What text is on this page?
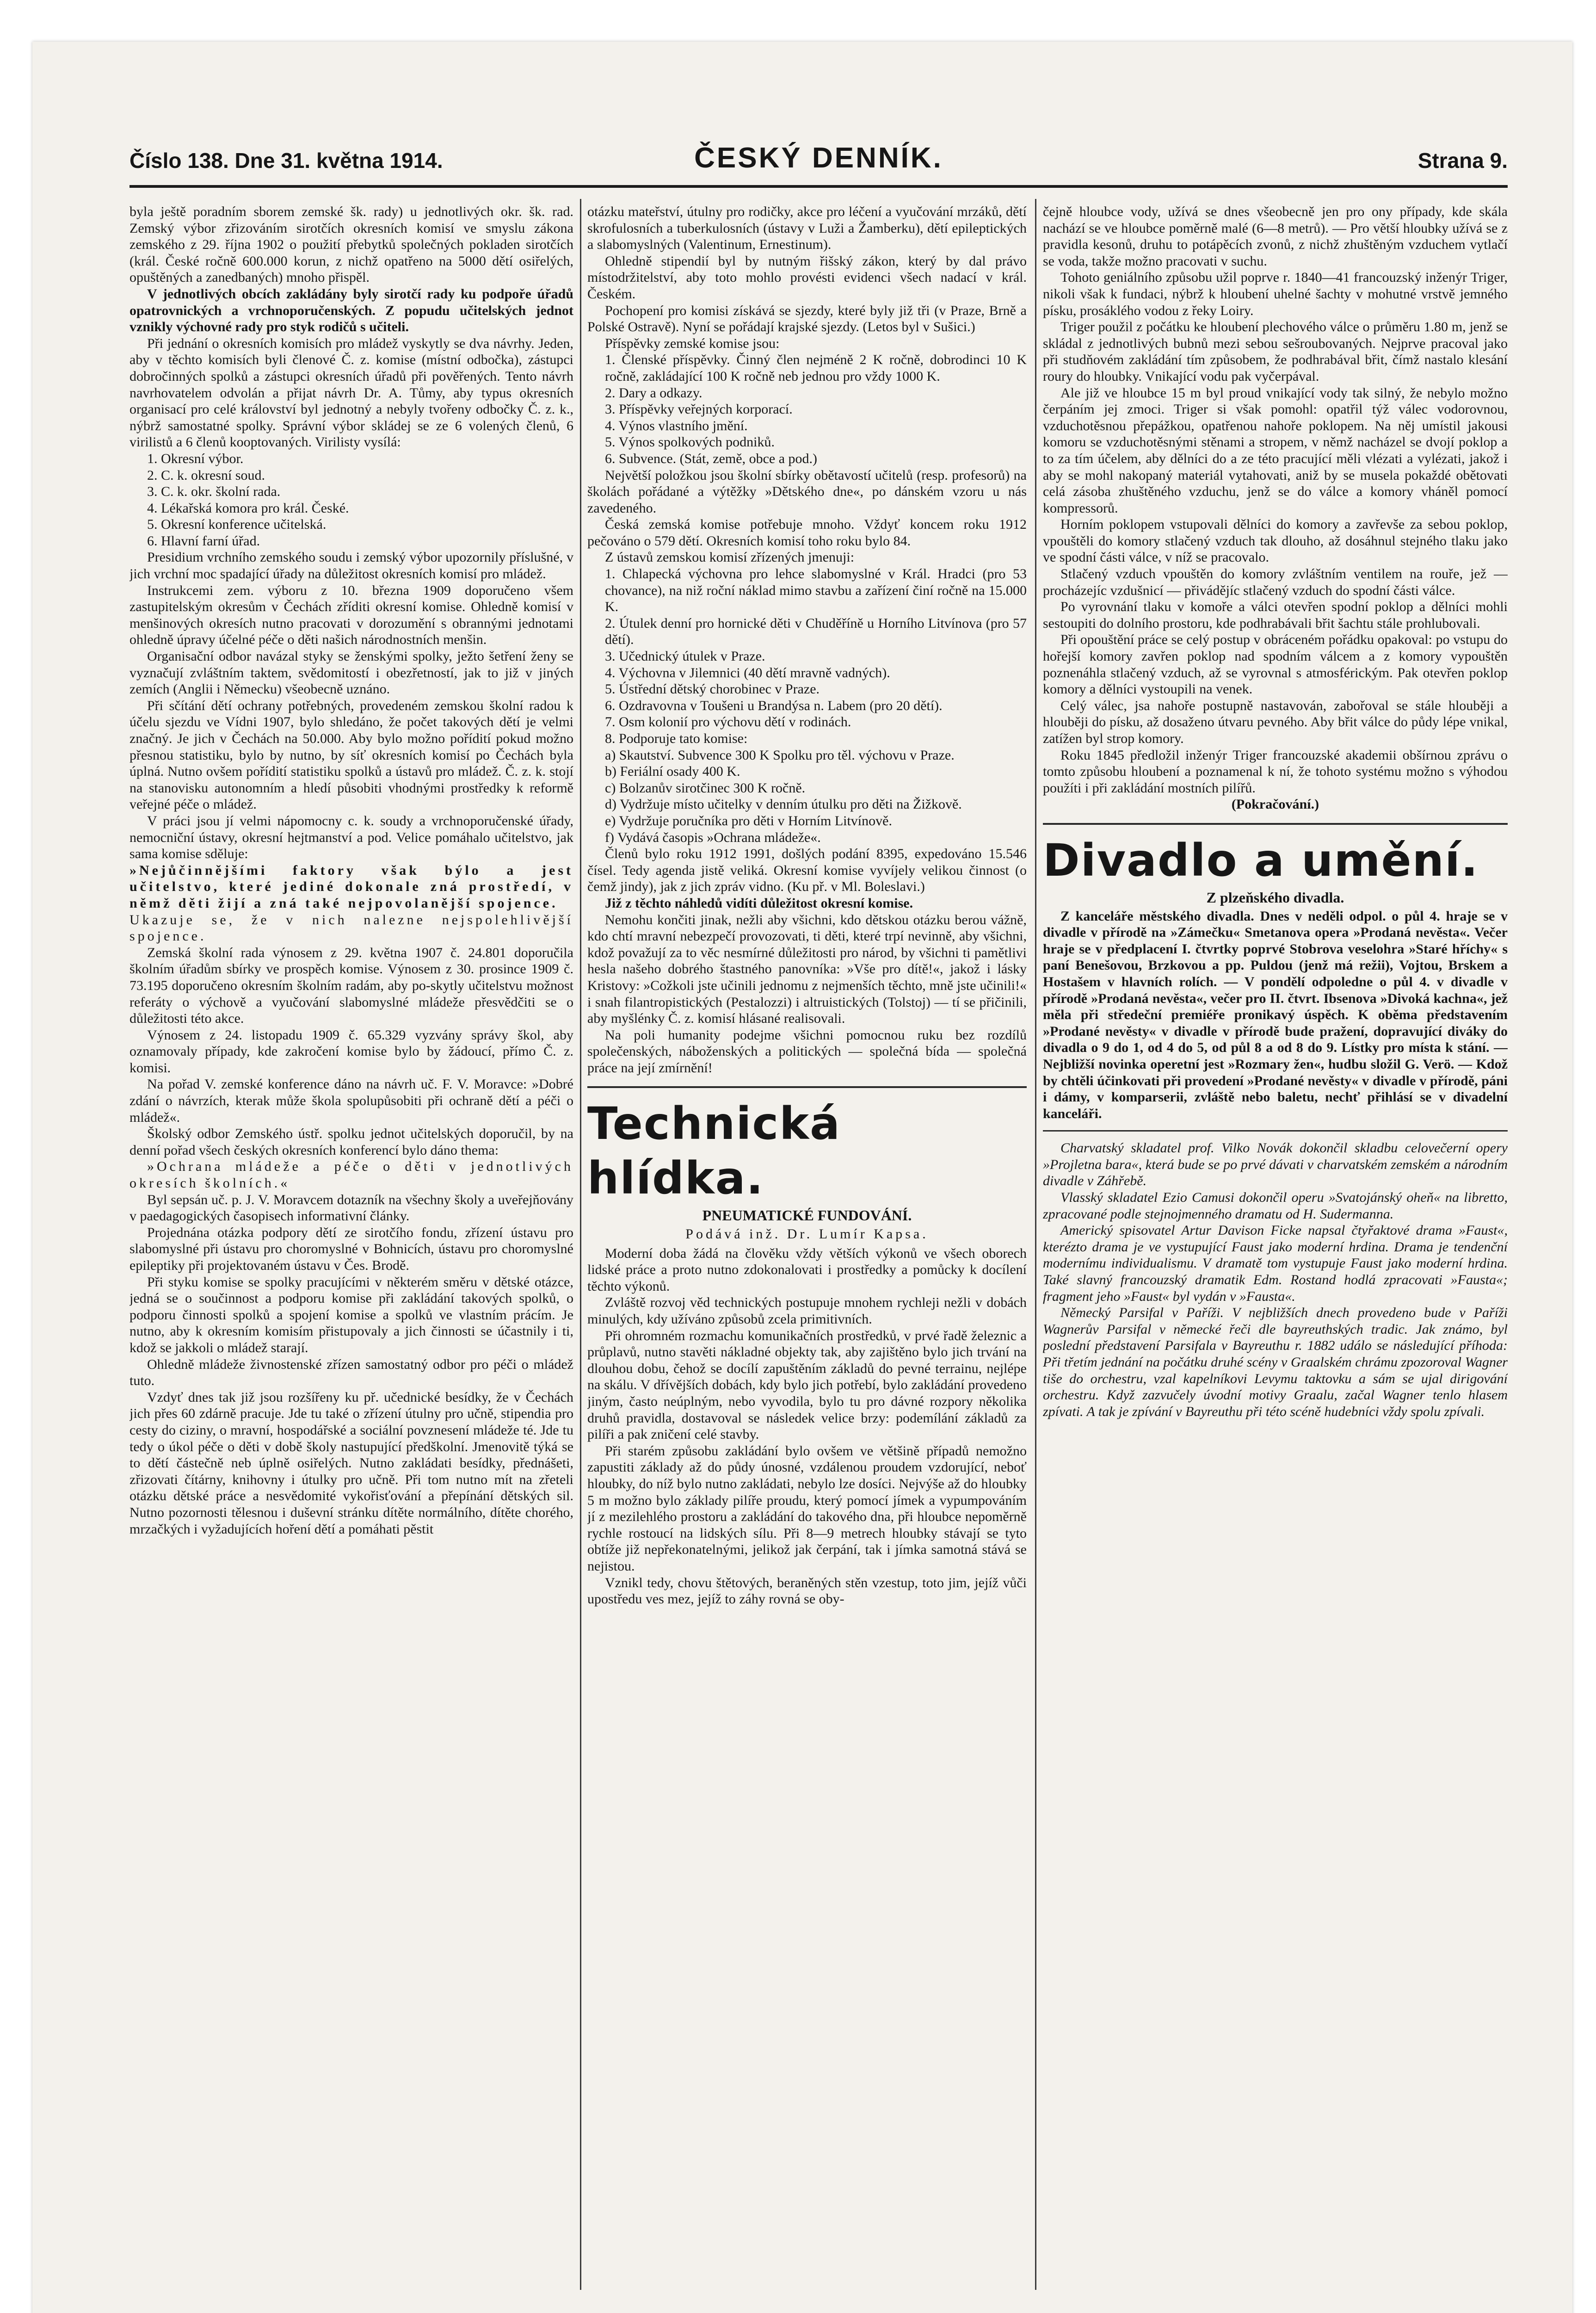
Číslo 138. Dne 31. května 1914.	ČESKÝ DENNÍK.	Strana 9.

byla ještě poradním sborem zemské šk. rady) u jednotlivých okr. šk. rad. Zemský výbor zřizováním sirotčích okresních komisí ve smyslu zákona zemského z 29. října 1902 o použití přebytků společných pokladen sirotčích (král. České ročně 600.000 korun, z nichž opatřeno na 5000 dětí osiřelých, opuštěných a zanedbaných) mnoho přispěl.

V jednotlivých obcích zakládány byly sirotčí rady ku podpoře úřadů opatrovnických a vrchnoporučenských. Z popudu učitelských jednot vznikly výchovné rady pro styk rodičů s učiteli.

Při jednání o okresních komisích pro mládež vyskytly se dva návrhy. Jeden, aby v těchto komisích byli členové Č. z. komise (místní odbočka), zástupci dobročinných spolků a zástupci okresních úřadů při pověřených. Tento návrh navrhovatelem odvolán a přijat návrh Dr. A. Tůmy, aby typus okresních organisací pro celé království byl jednotný a nebyly tvořeny odbočky Č. z. k., nýbrž samostatné spolky. Správní výbor skládej se ze 6 volených členů, 6 virilistů a 6 členů kooptovaných. Virilisty vysílá:

1. Okresní výbor.

2. C. k. okresní soud.

3. C. k. okr. školní rada.

4. Lékařská komora pro král. České.

5. Okresní konference učitelská.

6. Hlavní farní úřad.

Presidium vrchního zemského soudu i zemský výbor upozornily příslušné, v jich vrchní moc spadající úřady na důležitost okresních komisí pro mládež.

Instrukcemi zem. výboru z 10. března 1909 doporučeno všem zastupitelským okresům v Čechách zříditi okresní komise. Ohledně komisí v menšinových okresích nutno pracovati v dorozumění s obrannými jednotami ohledně úpravy účelné péče o děti našich národnostních menšin.

Organisační odbor navázal styky se ženskými spolky, ježto šetření ženy se vyznačují zvláštním taktem, svědomitostí i obezřetností, jak to již v jiných zemích (Anglii i Německu) všeobecně uznáno.

Při sčítání dětí ochrany potřebných, provedeném zemskou školní radou k účelu sjezdu ve Vídni 1907, bylo shledáno, že počet takových dětí je velmi značný. Je jich v Čechách na 50.000. Aby bylo možno pořídití pokud možno přesnou statistiku, bylo by nutno, by síť okresních komisí po Čechách byla úplná. Nutno ovšem pořídití statistiku spolků a ústavů pro mládež. Č. z. k. stojí na stanovisku autonomním a hledí působiti vhodnými prostředky k reformě veřejné péče o mládež.

V práci jsou jí velmi nápomocny c. k. soudy a vrchnoporučenské úřady, nemocniční ústavy, okresní hejtmanství a pod. Velice pomáhalo učitelstvo, jak sama komise sděluje:

»Nejůčinnějšími faktory však býlo a jest učitelstvo, které jediné dokonale zná prostředí, v němž děti žijí a zná také nejpovolanější spojence.

Ukazuje se, že v nich nalezne nejspolehlivější spojence.

Zemská školní rada výnosem z 29. května 1907 č. 24.801 doporučila školním úřadům sbírky ve prospěch komise. Výnosem z 30. prosince 1909 č. 73.195 doporučeno okresním školním radám, aby po-skytly učitelstvu možnost referáty o výchově a vyučování slabomyslné mládeže přesvědčiti se o důležitosti této akce.

Výnosem z 24. listopadu 1909 č. 65.329 vyzvány správy škol, aby oznamovaly případy, kde zakročení komise bylo by žádoucí, přímo Č. z. komisi.

Na pořad V. zemské konference dáno na návrh uč. F. V. Moravce: »Dobré zdání o návrzích, kterak může škola spolupůsobiti při ochraně dětí a péči o mládež«.

Školský odbor Zemského ústř. spolku jednot učitelských doporučil, by na denní pořad všech českých okresních konferencí bylo dáno thema:

»Ochrana mládeže a péče o děti v jednotlivých okresích školních.«

Byl sepsán uč. p. J. V. Moravcem dotazník na všechny školy a uveřejňovány v paedagogických časopisech informativní články.

Projednána otázka podpory dětí ze sirotčího fondu, zřízení ústavu pro slabomyslné při ústavu pro choromyslné v Bohnicích, ústavu pro choromyslné epileptiky při projektovaném ústavu v Čes. Brodě.

Při styku komise se spolky pracujícími v některém směru v dětské otázce, jedná se o součinnost a podporu komise při zakládání takových spolků, o podporu činnosti spolků a spojení komise a spolků ve vlastním prácím. Je nutno, aby k okresním komisím přistupovaly a jich činnosti se účastnily i ti, kdož se jakkoli o mládež starají.

Ohledně mládeže živnostenské zřízen samostatný odbor pro péči o mládež tuto.

Vzdyť dnes tak již jsou rozšířeny ku př. učednické besídky, že v Čechách jich přes 60 zdárně pracuje. Jde tu také o zřízení útulny pro učně, stipendia pro cesty do ciziny, o mravní, hospodářské a sociální povznesení mládeže té. Jde tu tedy o úkol péče o děti v době školy nastupující předškolní. Jmenovitě týká se to dětí částečně neb úplně osiřelých. Nutno zakládati besídky, přednášeti, zřizovati čítárny, knihovny i útulky pro učně. Při tom nutno mít na zřeteli otázku dětské práce a nesvědomité vykořisťování a přepínání dětských sil. Nutno pozornosti tělesnou i duševní stránku dítěte normálního, dítěte chorého, mrzačkých i vyžadujících hoření dětí a pomáhati pěstit

otázku mateřství, útulny pro rodičky, akce pro léčení a vyučování mrzáků, dětí skrofulosních a tuberkulosních (ústavy v Luži a Žamberku), dětí epileptických a slabomyslných (Valentinum, Ernestinum).

Ohledně stipendií byl by nutným řišský zákon, který by dal právo místodržitelství, aby toto mohlo provésti evidenci všech nadací v král. Českém.

Pochopení pro komisi získává se sjezdy, které byly již tři (v Praze, Brně a Polské Ostravě). Nyní se pořádají krajské sjezdy. (Letos byl v Sušici.)

Příspěvky zemské komise jsou:

1. Členské příspěvky. Činný člen nejméně 2 K ročně, dobrodinci 10 K ročně, zakládající 100 K ročně neb jednou pro vždy 1000 K.

2. Dary a odkazy.

3. Příspěvky veřejných korporací.

4. Výnos vlastního jmění.

5. Výnos spolkových podniků.

6. Subvence. (Stát, země, obce a pod.)

Největší položkou jsou školní sbírky obětavostí učitelů (resp. profesorů) na školách pořádané a výtěžky »Dětského dne«, po dánském vzoru u nás zavedeného.

Česká zemská komise potřebuje mnoho. Vždyť koncem roku 1912 pečováno o 579 dětí. Okresních komisí toho roku bylo 84.

Z ústavů zemskou komisí zřízených jmenuji:

1. Chlapecká výchovna pro lehce slabomyslné v Král. Hradci (pro 53 chovance), na niž roční náklad mimo stavbu a zařízení činí ročně na 15.000 K.

2. Útulek denní pro hornické děti v Chuděříně u Horního Litvínova (pro 57 dětí).

3. Učednický útulek v Praze.

4. Výchovna v Jilemnici (40 dětí mravně vadných).

5. Ústřední dětský chorobinec v Praze.

6. Ozdravovna v Toušeni u Brandýsa n. Labem (pro 20 dětí).

7. Osm kolonií pro výchovu dětí v rodinách.

8. Podporuje tato komise:

a) Skautství. Subvence 300 K Spolku pro těl. výchovu v Praze.

b) Feriální osady 400 K.

c) Bolzanův sirotčinec 300 K ročně.

d) Vydržuje místo učitelky v denním útulku pro děti na Žižkově.

e) Vydržuje poručníka pro děti v Horním Litvínově.

f) Vydává časopis »Ochrana mládeže«.

Členů bylo roku 1912 1991, došlých podání 8395, expedováno 15.546 čísel. Tedy agenda jistě veliká. Okresní komise vyvíjely velikou činnost (o čemž jindy), jak z jich zpráv vidno. (Ku př. v Ml. Boleslavi.)

Již z těchto náhledů vidíti důležitost okresní komise.

Nemohu končiti jinak, nežli aby všichni, kdo dětskou otázku berou vážně, kdo chtí mravní nebezpečí provozovati, ti děti, které trpí nevinně, aby všichni, kdož považují za to věc nesmírné důležitosti pro národ, by všichni ti pamětlivi hesla našeho dobrého štastného panovníka: »Vše pro dítě!«, jakož i lásky Kristovy: »Cožkoli jste učinili jednomu z nejmenších těchto, mně jste učinili!« i snah filantropistických (Pestalozzi) i altruistických (Tolstoj) — tí se přičinili, aby myšlénky Č. z. komisí hlásané realisovali.

Na poli humanity podejme všichni pomocnou ruku bez rozdílů společenských, náboženských a politických — společná bída — společná práce na její zmírnění!

Technická hlídka.
PNEUMATICKÉ FUNDOVÁNÍ.
Podává inž. Dr. Lumír Kapsa.

Moderní doba žádá na člověku vždy větších výkonů ve všech oborech lidské práce a proto nutno zdokonalovati i prostředky a pomůcky k docílení těchto výkonů.

Zvláště rozvoj věd technických postupuje mnohem rychleji nežli v dobách minulých, kdy užíváno způsobů zcela primitivních.

Při ohromném rozmachu komunikačních prostředků, v prvé řadě železnic a průplavů, nutno stavěti nákladné objekty tak, aby zajištěno bylo jich trvání na dlouhou dobu, čehož se docílí zapuštěním základů do pevné terrainu, nejlépe na skálu. V dřívějších dobách, kdy bylo jich potřebí, bylo zakládání provedeno jiným, často neúplným, nebo vyvodila, bylo tu pro dávné rozpory několika druhů pravidla, dostavoval se následek velice brzy: podemílání základů za pilíři a pak zničení celé stavby.

Při starém způsobu zakládání bylo ovšem ve většině případů nemožno zapustiti základy až do půdy únosné, vzdálenou proudem vzdorující, neboť hloubky, do níž bylo nutno zakládati, nebylo lze dosíci. Nejvýše až do hloubky 5 m možno bylo základy pilíře proudu, který pomocí jímek a vypumpováním jí z mezilehlého prostoru a zakládání do takového dna, při hloubce nepoměrně rychle rostoucí na lidských sílu. Při 8—9 metrech hloubky stávají se tyto obtíže již nepřekonatelnými, jelikož jak čerpání, tak i jímka samotná stává se nejistou.

Vznikl tedy, chovu štětových, beraněných stěn vzestup, toto jim, jejíž vůči upostředu ves mez, jejíž to záhy rovná se oby-

čejně hloubce vody, užívá se dnes všeobecně jen pro ony případy, kde skála nachází se ve hloubce poměrně malé (6—8 metrů). — Pro větší hloubky užívá se z pravidla kesonů, druhu to potápěcích zvonů, z nichž zhuštěným vzduchem vytlačí se voda, takže možno pracovati v suchu.

Tohoto geniálního způsobu užil poprve r. 1840—41 francouzský inženýr Triger, nikoli však k fundaci, nýbrž k hloubení uhelné šachty v mohutné vrstvě jemného písku, prosáklého vodou z řeky Loiry.

Triger použil z počátku ke hloubení plechového válce o průměru 1.80 m, jenž se skládal z jednotlivých bubnů mezi sebou sešroubovaných. Nejprve pracoval jako při studňovém zakládání tím způsobem, že podhrabával břit, čímž nastalo klesání roury do hloubky. Vnikající vodu pak vyčerpával.

Ale již ve hloubce 15 m byl proud vnikající vody tak silný, že nebylo možno čerpáním jej zmoci. Triger si však pomohl: opatřil týž válec vodorovnou, vzduchotěsnou přepážkou, opatřenou nahoře poklopem. Na něj umístil jakousi komoru se vzduchotěsnými stěnami a stropem, v němž nacházel se dvojí poklop a to za tím účelem, aby dělníci do a ze této pracující měli vlézati a vylézati, jakož i aby se mohl nakopaný materiál vytahovati, aniž by se musela pokaždé obětovati celá zásoba zhuštěného vzduchu, jenž se do válce a komory vháněl pomocí kompressorů.

Horním poklopem vstupovali dělníci do komory a zavřevše za sebou poklop, vpouštěli do komory stlačený vzduch tak dlouho, až dosáhnul stejného tlaku jako ve spodní části válce, v níž se pracovalo.

Stlačený vzduch vpouštěn do komory zvláštním ventilem na rouře, jež — procházejíc vzdušnicí — přivádějíc stlačený vzduch do spodní části válce.

Po vyrovnání tlaku v komoře a válci otevřen spodní poklop a dělníci mohli sestoupiti do dolního prostoru, kde podhrabávali břit šachtu stále prohlubovali.

Při opouštění práce se celý postup v obráceném pořádku opakoval: po vstupu do hořejší komory zavřen poklop nad spodním válcem a z komory vypouštěn poznenáhla stlačený vzduch, až se vyrovnal s atmosférickým. Pak otevřen poklop komory a dělníci vystoupili na venek.

Celý válec, jsa nahoře postupně nastavován, zabořoval se stále hlouběji a hlouběji do písku, až dosaženo útvaru pevného. Aby břit válce do půdy lépe vnikal, zatížen byl strop komory.

Roku 1845 předložil inženýr Triger francouzské akademii obšírnou zprávu o tomto způsobu hloubení a poznamenal k ní, že tohoto systému možno s výhodou použíti i při zakládání mostních pilířů.

(Pokračování.)

Divadlo a umění.
Z plzeňského divadla.

Z kanceláře městského divadla. Dnes v neděli odpol. o půl 4. hraje se v divadle v přírodě na »Zámečku« Smetanova opera »Prodaná nevěsta«. Večer hraje se v předplacení I. čtvrtky poprvé Stobrova veselohra »Staré hříchy« s paní Benešovou, Brzkovou a pp. Puldou (jenž má režii), Vojtou, Brskem a Hostašem v hlavních rolích. — V pondělí odpoledne o půl 4. v divadle v přírodě »Prodaná nevěsta«, večer pro II. čtvrt. Ibsenova »Divoká kachna«, jež měla při středeční premiéře pronikavý úspěch. K oběma představením »Prodané nevěsty« v divadle v přírodě bude pražení, dopravující diváky do divadla o 9 do 1, od 4 do 5, od půl 8 a od 8 do 9. Lístky pro místa k stání. — Nejbližší novinka operetní jest »Rozmary žen«, hudbu složil G. Verö. — Kdož by chtěli účinkovati při provedení »Prodané nevěsty« v divadle v přírodě, páni i dámy, v komparserii, zvláště nebo baletu, nechť přihlásí se v divadelní kanceláři.

Charvatský skladatel prof. Vilko Novák dokončil skladbu celovečerní opery »Projletna bara«, která bude se po prvé dávati v charvatském zemském a národním divadle v Záhřebě.

Vlasský skladatel Ezio Camusi dokončil operu »Svatojánský oheň« na libretto, zpracované podle stejnojmenného dramatu od H. Sudermanna.

Americký spisovatel Artur Davison Ficke napsal čtyřaktové drama »Faust«, kterézto drama je ve vystupující Faust jako moderní hrdina. Drama je tendenční modernímu individualismu. V dramatě tom vystupuje Faust jako moderní hrdina. Také slavný francouzský dramatik Edm. Rostand hodlá zpracovati »Fausta«; fragment jeho »Faust« byl vydán v »Fausta«.

Německý Parsifal v Paříži. V nejbližších dnech provedeno bude v Paříži Wagnerův Parsifal v německé řeči dle bayreuthských tradic. Jak známo, byl poslední představení Parsifala v Bayreuthu r. 1882 událo se následující příhoda: Při třetím jednání na počátku druhé scény v Graalském chrámu zpozoroval Wagner tiše do orchestru, vzal kapelníkovi Levymu taktovku a sám se ujal dirigování orchestru. Když zazvučely úvodní motivy Graalu, začal Wagner tenlo hlasem zpívati. A tak je zpívání v Bayreuthu při této scéně hudebníci vždy spolu zpívali.
